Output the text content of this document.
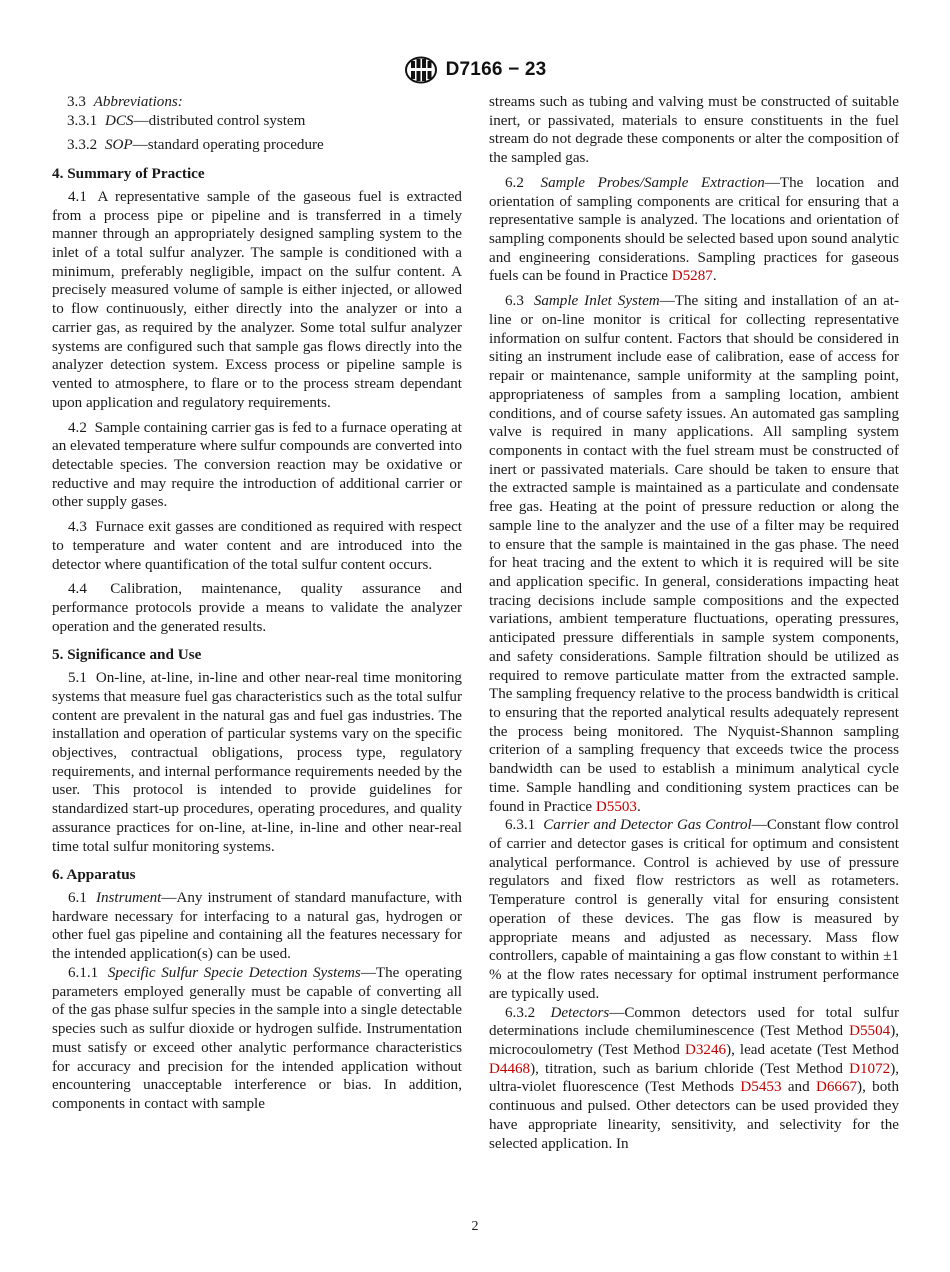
D7166 − 23

3.3 Abbreviations:

3.3.1 DCS—distributed control system

3.3.2 SOP—standard operating procedure

4. Summary of Practice

4.1 A representative sample of the gaseous fuel is extracted from a process pipe or pipeline and is transferred in a timely manner through an appropriately designed sampling system to the inlet of a total sulfur analyzer. The sample is conditioned with a minimum, preferably negligible, impact on the sulfur content. A precisely measured volume of sample is either injected, or allowed to flow continuously, either directly into the analyzer or into a carrier gas, as required by the analyzer. Some total sulfur analyzer systems are configured such that sample gas flows directly into the analyzer detection system. Excess process or pipeline sample is vented to atmosphere, to flare or to the process stream dependant upon application and regulatory requirements.

4.2 Sample containing carrier gas is fed to a furnace operating at an elevated temperature where sulfur compounds are converted into detectable species. The conversion reaction may be oxidative or reductive and may require the introduction of additional carrier or other supply gases.

4.3 Furnace exit gasses are conditioned as required with respect to temperature and water content and are introduced into the detector where quantification of the total sulfur content occurs.

4.4 Calibration, maintenance, quality assurance and performance protocols provide a means to validate the analyzer operation and the generated results.

5. Significance and Use

5.1 On-line, at-line, in-line and other near-real time monitoring systems that measure fuel gas characteristics such as the total sulfur content are prevalent in the natural gas and fuel gas industries. The installation and operation of particular systems vary on the specific objectives, contractual obligations, process type, regulatory requirements, and internal performance requirements needed by the user. This protocol is intended to provide guidelines for standardized start-up procedures, operating procedures, and quality assurance practices for on-line, at-line, in-line and other near-real time total sulfur monitoring systems.

6. Apparatus

6.1 Instrument—Any instrument of standard manufacture, with hardware necessary for interfacing to a natural gas, hydrogen or other fuel gas pipeline and containing all the features necessary for the intended application(s) can be used.

6.1.1 Specific Sulfur Specie Detection Systems—The operating parameters employed generally must be capable of converting all of the gas phase sulfur species in the sample into a single detectable species such as sulfur dioxide or hydrogen sulfide. Instrumentation must satisfy or exceed other analytic performance characteristics for accuracy and precision for the intended application without encountering unacceptable interference or bias. In addition, components in contact with sample

streams such as tubing and valving must be constructed of suitable inert, or passivated, materials to ensure constituents in the fuel stream do not degrade these components or alter the composition of the sampled gas.

6.2 Sample Probes/Sample Extraction—The location and orientation of sampling components are critical for ensuring that a representative sample is analyzed. The locations and orientation of sampling components should be selected based upon sound analytic and engineering considerations. Sampling practices for gaseous fuels can be found in Practice D5287.

6.3 Sample Inlet System—The siting and installation of an at-line or on-line monitor is critical for collecting representative information on sulfur content. Factors that should be considered in siting an instrument include ease of calibration, ease of access for repair or maintenance, sample uniformity at the sampling point, appropriateness of samples from a sampling location, ambient conditions, and of course safety issues. An automated gas sampling valve is required in many applications. All sampling system components in contact with the fuel stream must be constructed of inert or passivated materials. Care should be taken to ensure that the extracted sample is maintained as a particulate and condensate free gas. Heating at the point of pressure reduction or along the sample line to the analyzer and the use of a filter may be required to ensure that the sample is maintained in the gas phase. The need for heat tracing and the extent to which it is required will be site and application specific. In general, considerations impacting heat tracing decisions include sample compositions and the expected variations, ambient temperature fluctuations, operating pressures, anticipated pressure differentials in sample system components, and safety considerations. Sample filtration should be utilized as required to remove particulate matter from the extracted sample. The sampling frequency relative to the process bandwidth is critical to ensuring that the reported analytical results adequately represent the process being monitored. The Nyquist-Shannon sampling criterion of a sampling frequency that exceeds twice the process bandwidth can be used to establish a minimum analytical cycle time. Sample handling and conditioning system practices can be found in Practice D5503.

6.3.1 Carrier and Detector Gas Control—Constant flow control of carrier and detector gases is critical for optimum and consistent analytical performance. Control is achieved by use of pressure regulators and fixed flow restrictors as well as rotameters. Temperature control is generally vital for ensuring consistent operation of these devices. The gas flow is measured by appropriate means and adjusted as necessary. Mass flow controllers, capable of maintaining a gas flow constant to within ±1 % at the flow rates necessary for optimal instrument performance are typically used.

6.3.2 Detectors—Common detectors used for total sulfur determinations include chemiluminescence (Test Method D5504), microcoulometry (Test Method D3246), lead acetate (Test Method D4468), titration, such as barium chloride (Test Method D1072), ultra-violet fluorescence (Test Methods D5453 and D6667), both continuous and pulsed. Other detectors can be used provided they have appropriate linearity, sensitivity, and selectivity for the selected application. In

2
